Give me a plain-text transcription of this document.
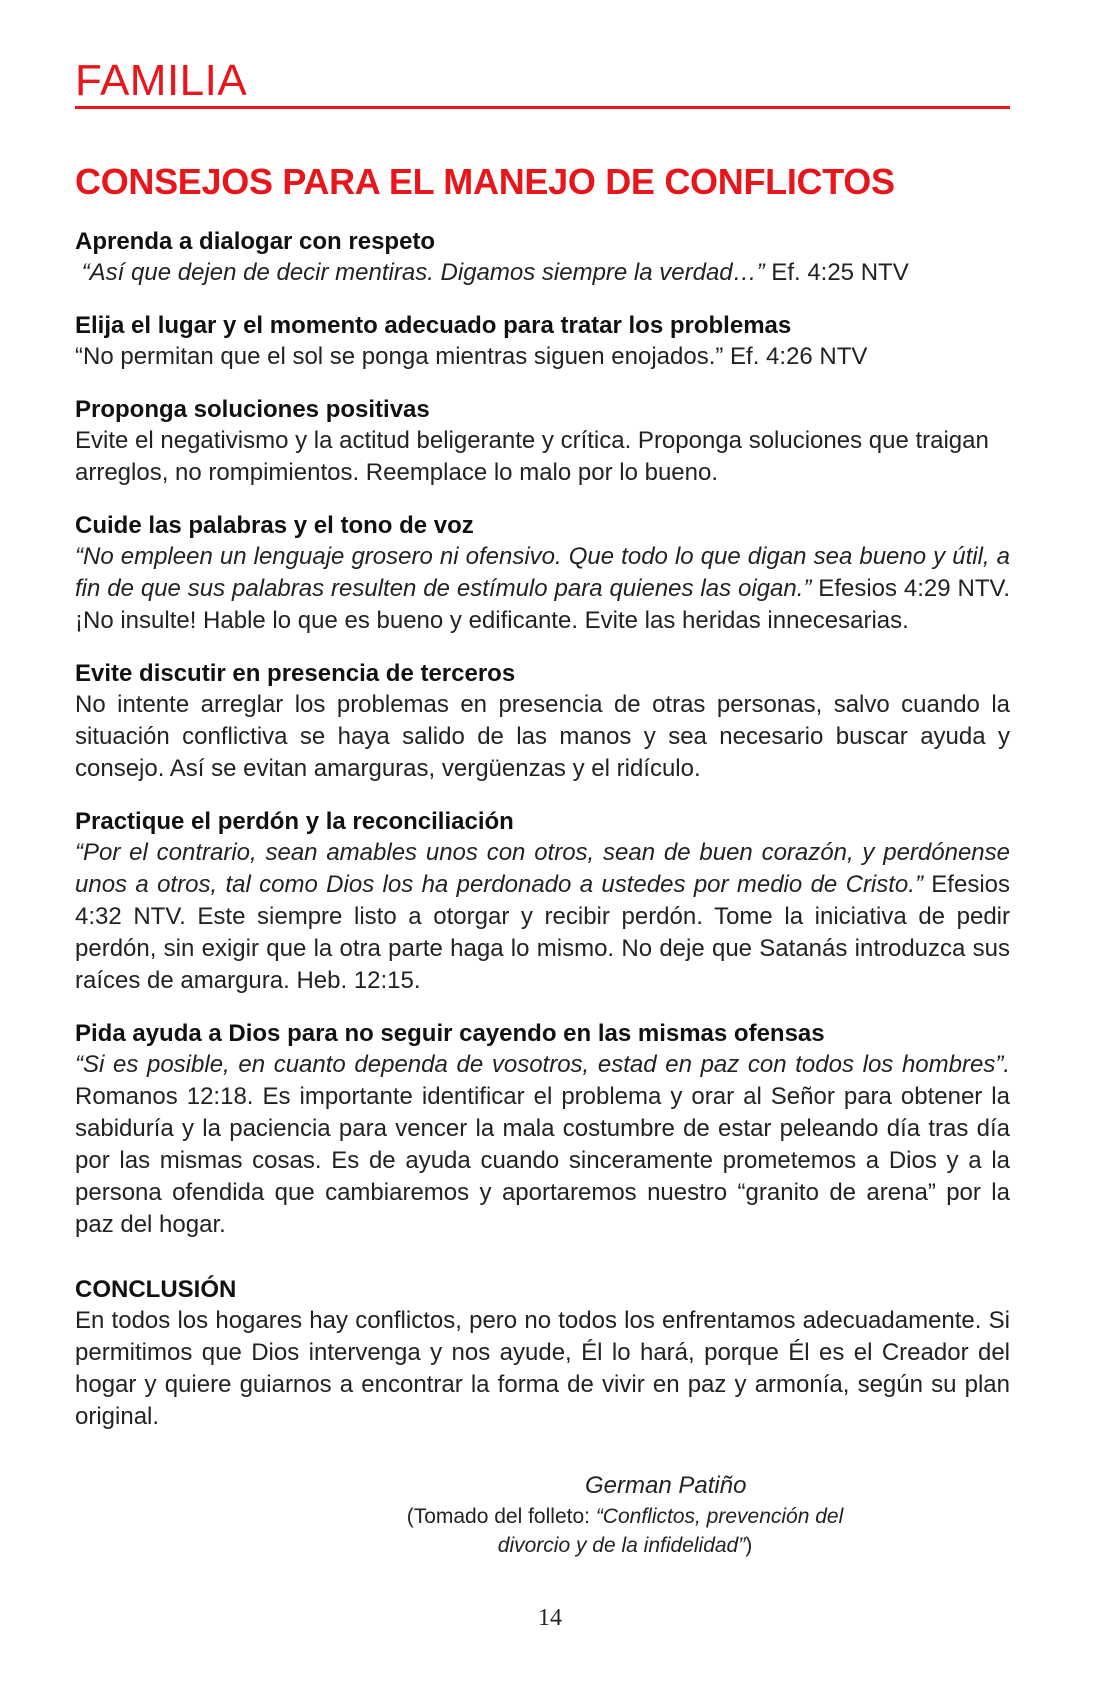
FAMILIA
CONSEJOS PARA EL MANEJO DE CONFLICTOS
Aprenda a dialogar con respeto

“Así que dejen de decir mentiras. Digamos siempre la verdad…” Ef. 4:25 NTV

Elija el lugar y el momento adecuado para tratar los problemas

“No permitan que el sol se ponga mientras siguen enojados.” Ef. 4:26 NTV

Proponga soluciones positivas

Evite el negativismo y la actitud beligerante y crítica. Proponga soluciones que traigan arreglos, no rompimientos. Reemplace lo malo por lo bueno.

Cuide las palabras y el tono de voz

“No empleen un lenguaje grosero ni ofensivo. Que todo lo que digan sea bueno y útil, a fin de que sus palabras resulten de estímulo para quienes las oigan.” Efesios 4:29 NTV. ¡No insulte! Hable lo que es bueno y edificante. Evite las heridas innecesarias.

Evite discutir en presencia de terceros

No intente arreglar los problemas en presencia de otras personas, salvo cuando la situación conflictiva se haya salido de las manos y sea necesario buscar ayuda y consejo. Así se evitan amarguras, vergüenzas y el ridículo.

Practique el perdón y la reconciliación

“Por el contrario, sean amables unos con otros, sean de buen corazón, y perdónense unos a otros, tal como Dios los ha perdonado a ustedes por medio de Cristo.” Efesios 4:32 NTV. Este siempre listo a otorgar y recibir perdón. Tome la iniciativa de pedir perdón, sin exigir que la otra parte haga lo mismo. No deje que Satanás introduzca sus raíces de amargura. Heb. 12:15.

Pida ayuda a Dios para no seguir cayendo en las mismas ofensas

“Si es posible, en cuanto dependa de vosotros, estad en paz con todos los hombres”. Romanos 12:18. Es importante identificar el problema y orar al Señor para obtener la sabiduría y la paciencia para vencer la mala costumbre de estar peleando día tras día por las mismas cosas. Es de ayuda cuando sinceramente prometemos a Dios y a la persona ofendida que cambiaremos y aportaremos nuestro “granito de arena” por la paz del hogar.

CONCLUSIÓN

En todos los hogares hay conflictos, pero no todos los enfrentamos adecuadamente. Si permitimos que Dios intervenga y nos ayude, Él lo hará, porque Él es el Creador del hogar y quiere guiarnos a encontrar la forma de vivir en paz y armonía, según su plan original.

German Patiño

(Tomado del folleto: “Conflictos, prevención del divorcio y de la infidelidad”)
14
